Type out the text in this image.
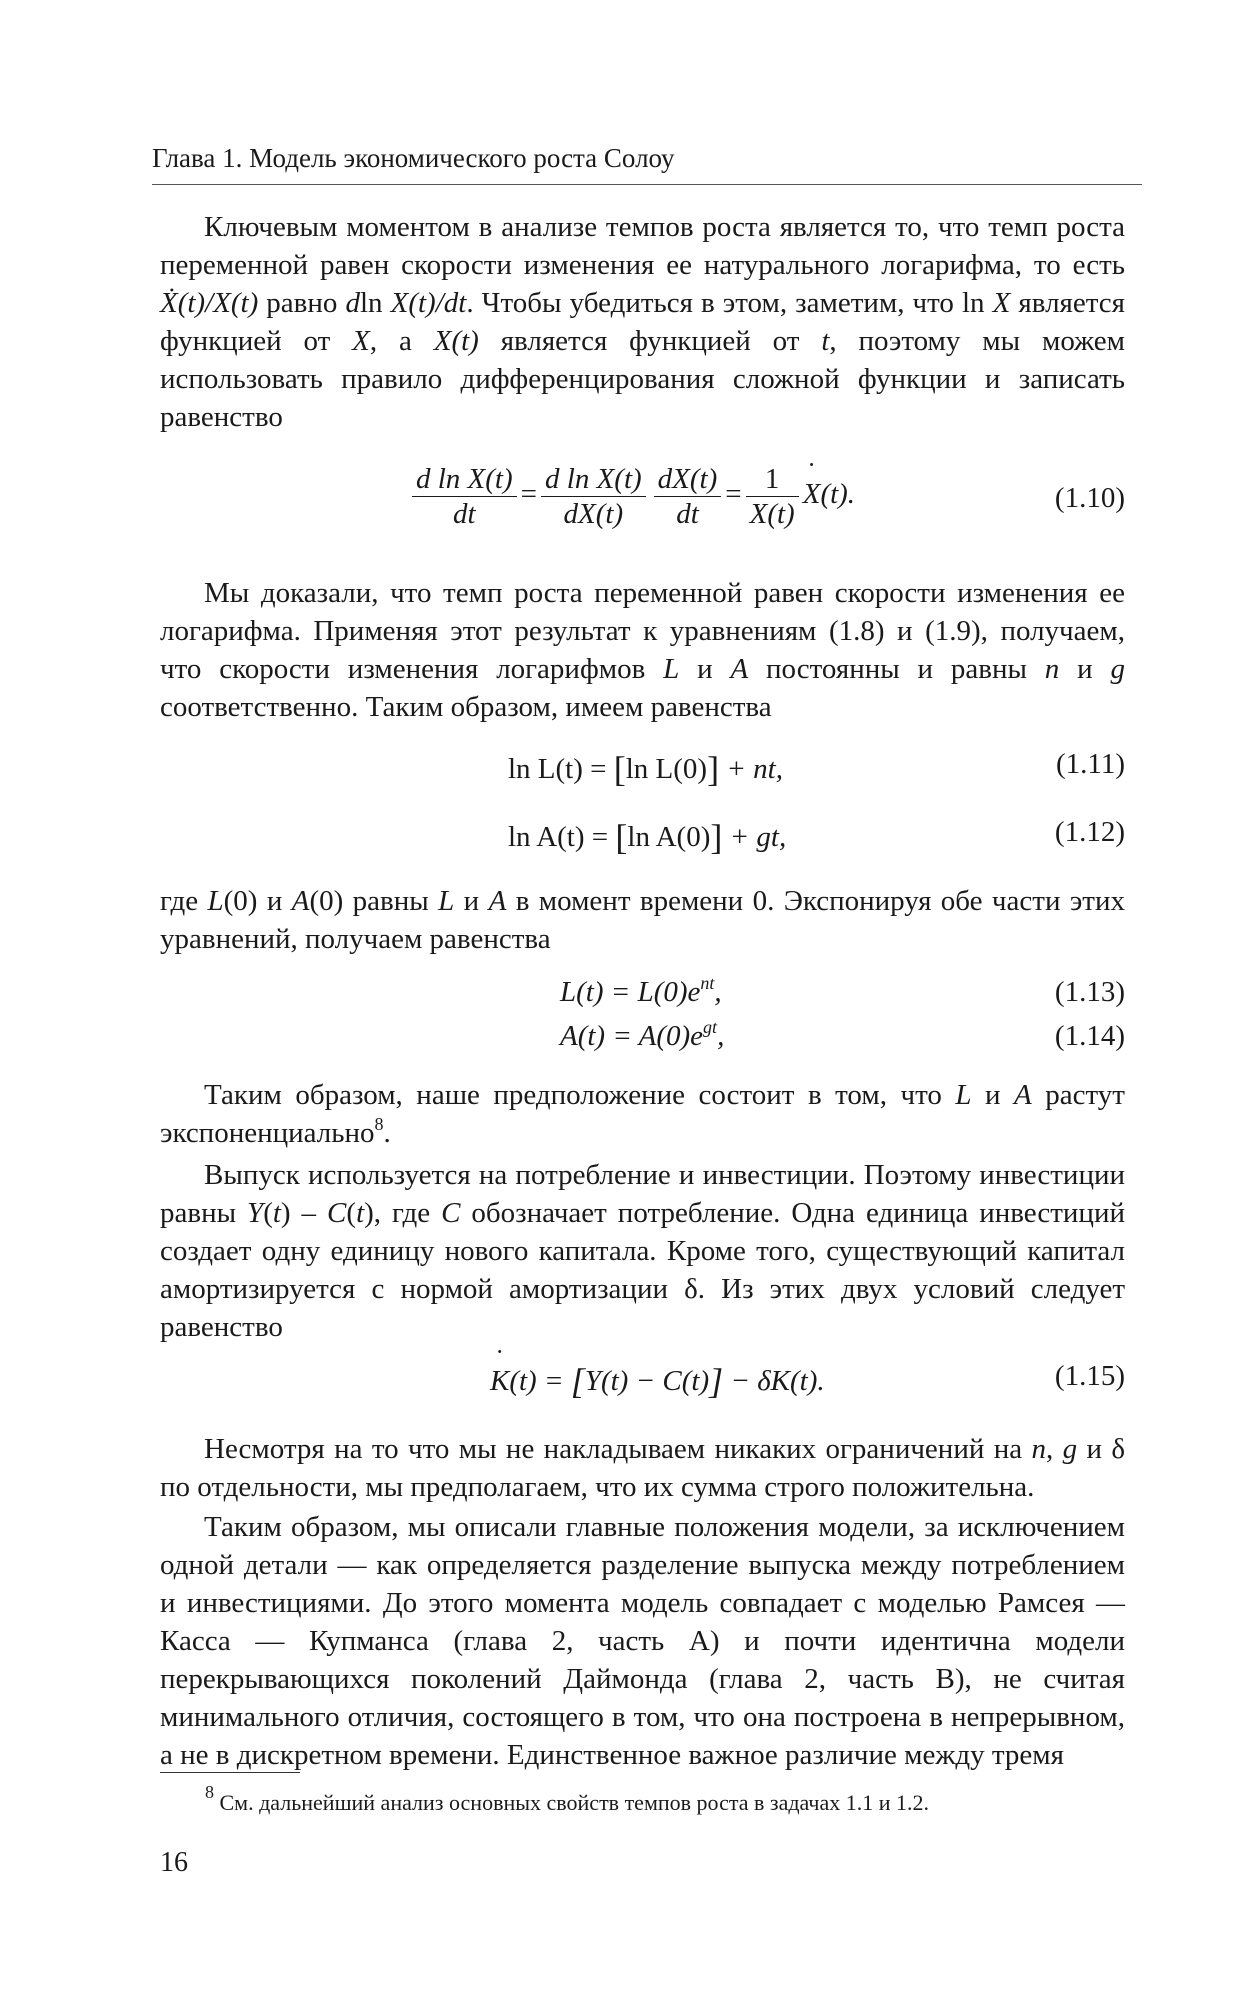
Глава 1. Модель экономического роста Солоу

Ключевым моментом в анализе темпов роста является то, что темп роста переменной равен скорости изменения ее натурального логарифма, то есть Ẋ(t)/X(t) равно dln X(t)/dt. Чтобы убедиться в этом, заметим, что ln X является функцией от X, а X(t) является функцией от t, поэтому мы можем использовать правило дифференцирования сложной функции и записать равенство

$\frac{\text{d ln X(t)}}{dt} = \frac{\text{d ln X(t)}}{dX(t)} \frac{dX(t)}{dt} = \frac{1}{X(t)}$ ˙ X(t).	(1.10)

Мы доказали, что темп роста переменной равен скорости изменения ее логарифма. Применяя этот результат к уравнениям (1.8) и (1.9), получаем, что скорости изменения логарифмов L и A постоянны и равны n и g соответственно. Таким образом, имеем равенства

ln L(t) = [ln L(0)] + nt,	(1.11)
ln A(t) = [ln A(0)] + gt,	(1.12)

где L(0) и A(0) равны L и A в момент времени 0. Экспонируя обе части этих уравнений, получаем равенства

$L(t) = L(0)e^{nt}$,	(1.13)
$A(t) = A(0)e^{gt}$,	(1.14)

Таким образом, наше предположение состоит в том, что L и A растут экспоненциально$^8$.

Выпуск используется на потребление и инвестиции. Поэтому инвестиции равны Y(t) – C(t), где C обозначает потребление. Одна единица инвестиций создает одну единицу нового капитала. Кроме того, существующий капитал амортизируется с нормой амортизации δ. Из этих двух условий следует равенство

˙ K(t) = [Y(t) − C(t)] − δK(t).	(1.15)

Несмотря на то что мы не накладываем никаких ограничений на n, g и δ по отдельности, мы предполагаем, что их сумма строго положительна.

Таким образом, мы описали главные положения модели, за исключением одной детали — как определяется разделение выпуска между потреблением и инвестициями. До этого момента модель совпадает с моделью Рамсея — Касса — Купманса (глава 2, часть А) и почти идентична модели перекрывающихся поколений Даймонда (глава 2, часть B), не считая минимального отличия, состоящего в том, что она построена в непрерывном, а не в дискретном времени. Единственное важное различие между тремя

$^8$ См. дальнейший анализ основных свойств темпов роста в задачах 1.1 и 1.2.
16
